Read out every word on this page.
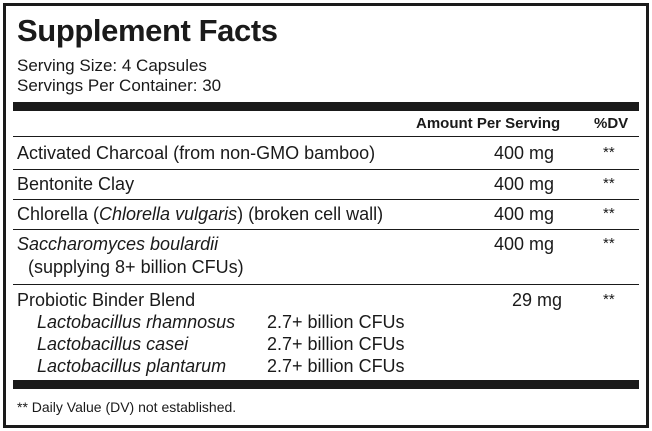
Supplement Facts
Serving Size: 4 Capsules
Servings Per Container: 30
Amount Per Serving %DV
Activated Charcoal (from non-GMO bamboo)	400 mg	**
Bentonite Clay	400 mg	**
Chlorella (Chlorella vulgaris) (broken cell wall)	400 mg	**
Saccharomyces boulardii	400 mg	**
(supplying 8+ billion CFUs)
Probiotic Binder Blend	29 mg	**
Lactobacillus rhamnosus 2.7+ billion CFUs
Lactobacillus casei	2.7+ billion CFUs
Lactobacillus plantarum 2.7+ billion CFUs
** Daily Value (DV) not established.
